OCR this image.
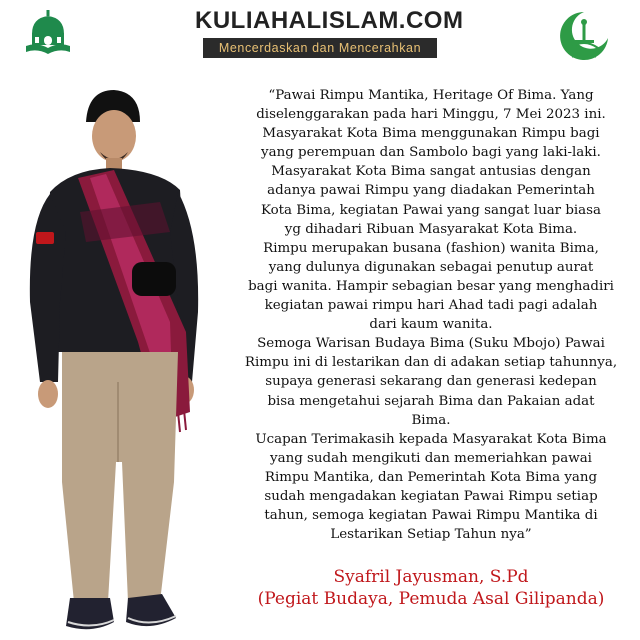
KULIAHALISLAM.COM
Mencerdaskan dan Mencerahkan
“Pawai Rimpu Mantika, Heritage Of Bima. Yang
diselenggarakan pada hari Minggu, 7 Mei 2023 ini.
Masyarakat Kota Bima menggunakan Rimpu bagi
yang perempuan dan Sambolo bagi yang laki-laki.
Masyarakat Kota Bima sangat antusias dengan
adanya pawai Rimpu yang diadakan Pemerintah
Kota Bima, kegiatan Pawai yang sangat luar biasa
yg dihadari Ribuan Masyarakat Kota Bima.
Rimpu merupakan busana (fashion) wanita Bima,
yang dulunya digunakan sebagai penutup aurat
bagi wanita. Hampir sebagian besar yang menghadiri
kegiatan pawai rimpu hari Ahad tadi pagi adalah
dari kaum wanita.
Semoga Warisan Budaya Bima (Suku Mbojo) Pawai
Rimpu ini di lestarikan dan di adakan setiap tahunnya,
supaya generasi sekarang dan generasi kedepan
bisa mengetahui sejarah Bima dan Pakaian adat
Bima.
Ucapan Terimakasih kepada Masyarakat Kota Bima
yang sudah mengikuti dan memeriahkan pawai
Rimpu Mantika, dan Pemerintah Kota Bima yang
sudah mengadakan kegiatan Pawai Rimpu setiap
tahun, semoga kegiatan Pawai Rimpu Mantika di
Lestarikan Setiap Tahun nya”
Syafril Jayusman, S.Pd
(Pegiat Budaya, Pemuda Asal Gilipanda)
